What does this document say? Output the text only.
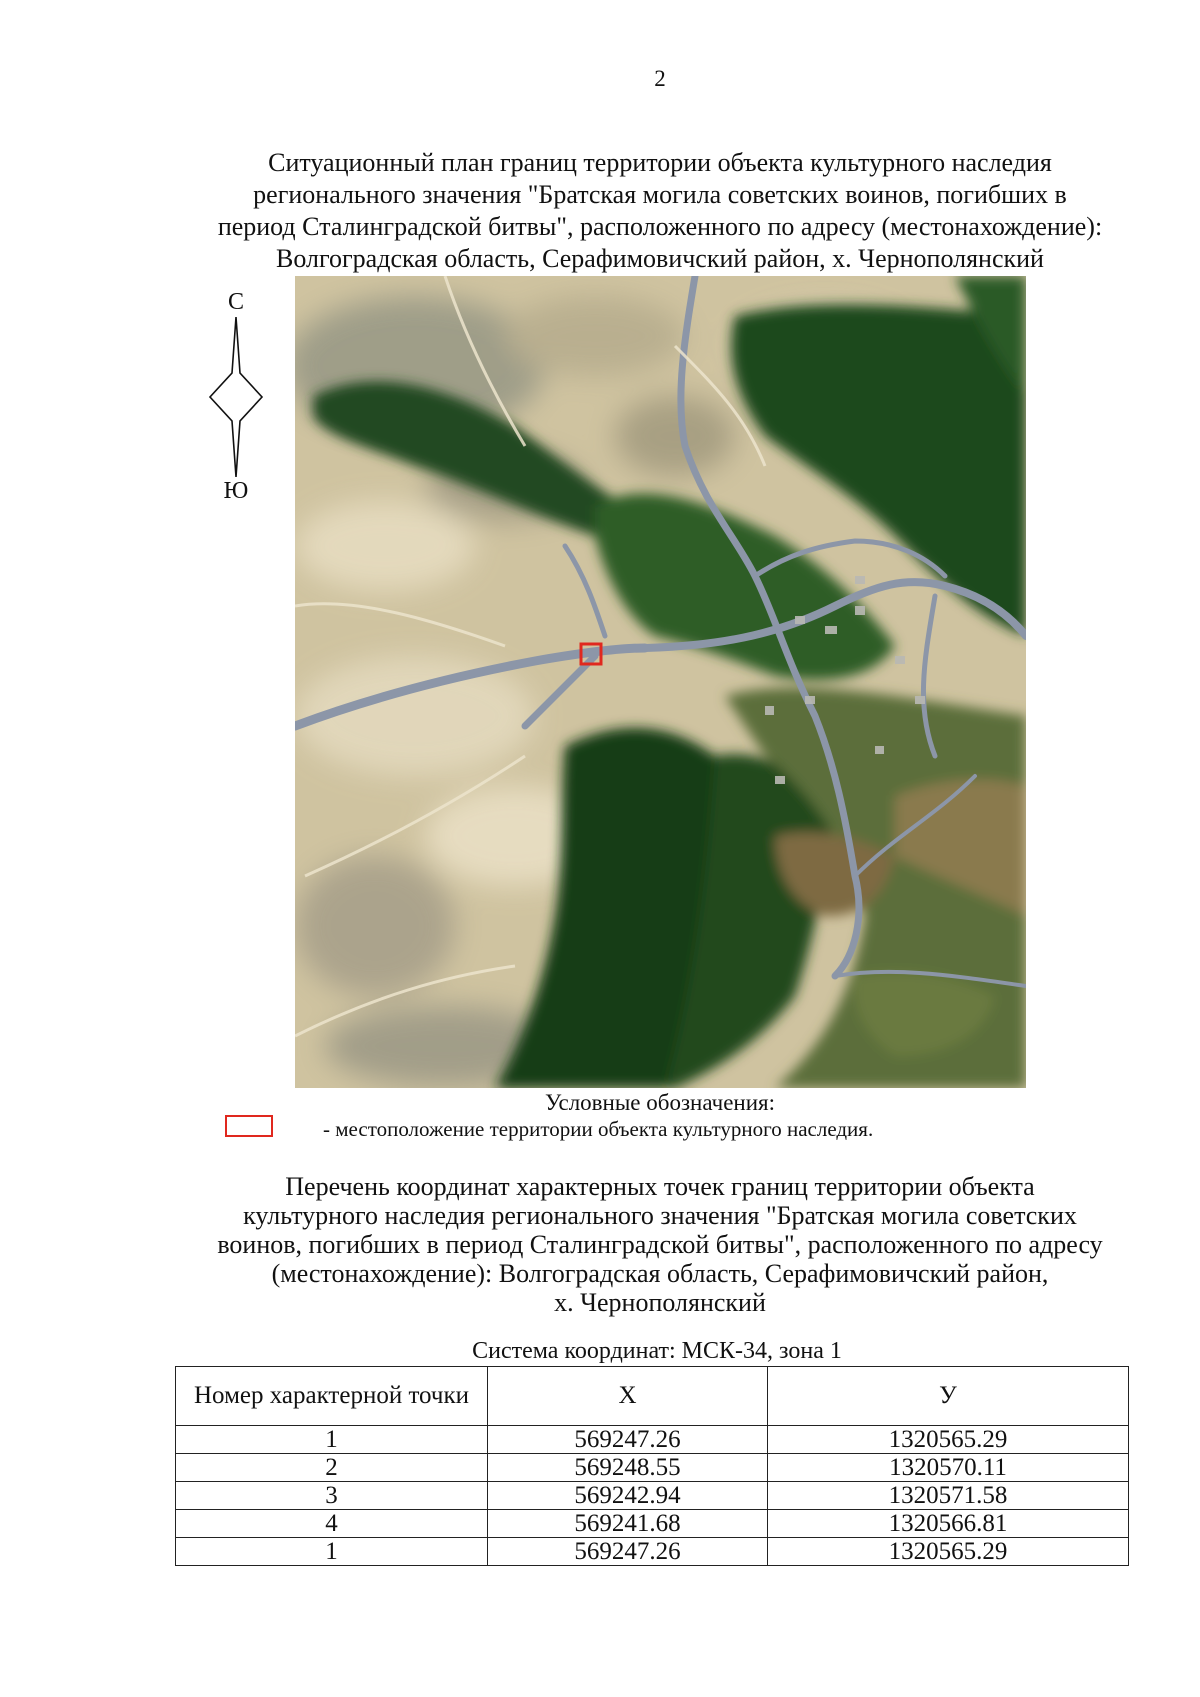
2
Ситуационный план границ территории объекта культурного наследия
регионального значения "Братская могила советских воинов, погибших в
период Сталинградской битвы", расположенного по адресу (местонахождение):
Волгоградская область, Серафимовичский район, х. Чернополянский
С
Ю
Условные обозначения:
- местоположение территории объекта культурного наследия.
Перечень координат характерных точек границ территории объекта
культурного наследия регионального значения "Братская могила советских
воинов, погибших в период Сталинградской битвы", расположенного по адресу
(местонахождение): Волгоградская область, Серафимовичский район,
х. Чернополянский
Система координат: МСК-34, зона 1
Номер характерной точки	X	У
1	569247.26	1320565.29
2	569248.55	1320570.11
3	569242.94	1320571.58
4	569241.68	1320566.81
1	569247.26	1320565.29
